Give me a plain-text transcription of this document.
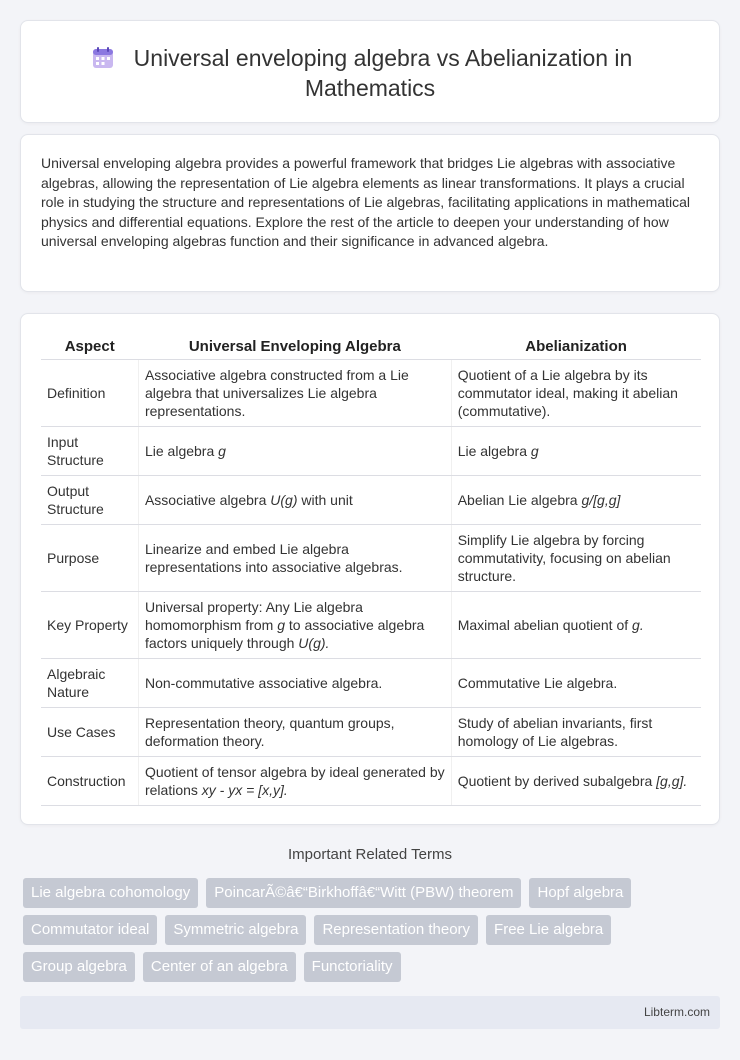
Universal enveloping algebra vs Abelianization in
Mathematics

Universal enveloping algebra provides a powerful framework that bridges Lie algebras with associative algebras, allowing the representation of Lie algebra elements as linear transformations. It plays a crucial role in studying the structure and representations of Lie algebras, facilitating applications in mathematical physics and differential equations. Explore the rest of the article to deepen your understanding of how universal enveloping algebras function and their significance in advanced algebra.

Aspect	Universal Enveloping Algebra	Abelianization
Definition	Associative algebra constructed from a Lie algebra that universalizes Lie algebra representations.	Quotient of a Lie algebra by its commutator ideal, making it abelian (commutative).
Input Structure	Lie algebra g	Lie algebra g
Output Structure	Associative algebra U(g) with unit	Abelian Lie algebra g/[g,g]
Purpose	Linearize and embed Lie algebra representations into associative algebras.	Simplify Lie algebra by forcing commutativity, focusing on abelian structure.
Key Property	Universal property: Any Lie algebra homomorphism from g to associative algebra factors uniquely through U(g).	Maximal abelian quotient of g.
Algebraic Nature	Non-commutative associative algebra.	Commutative Lie algebra.
Use Cases	Representation theory, quantum groups, deformation theory.	Study of abelian invariants, first homology of Lie algebras.
Construction	Quotient of tensor algebra by ideal generated by relations xy - yx = [x,y].	Quotient by derived subalgebra [g,g].
Important Related Terms
Lie algebra cohomology	PoincarÃ©â€“Birkhoffâ€“Witt (PBW) theorem	Hopf algebra
Commutator ideal	Symmetric algebra	Representation theory	Free Lie algebra
Group algebra	Center of an algebra	Functoriality
Libterm.com
